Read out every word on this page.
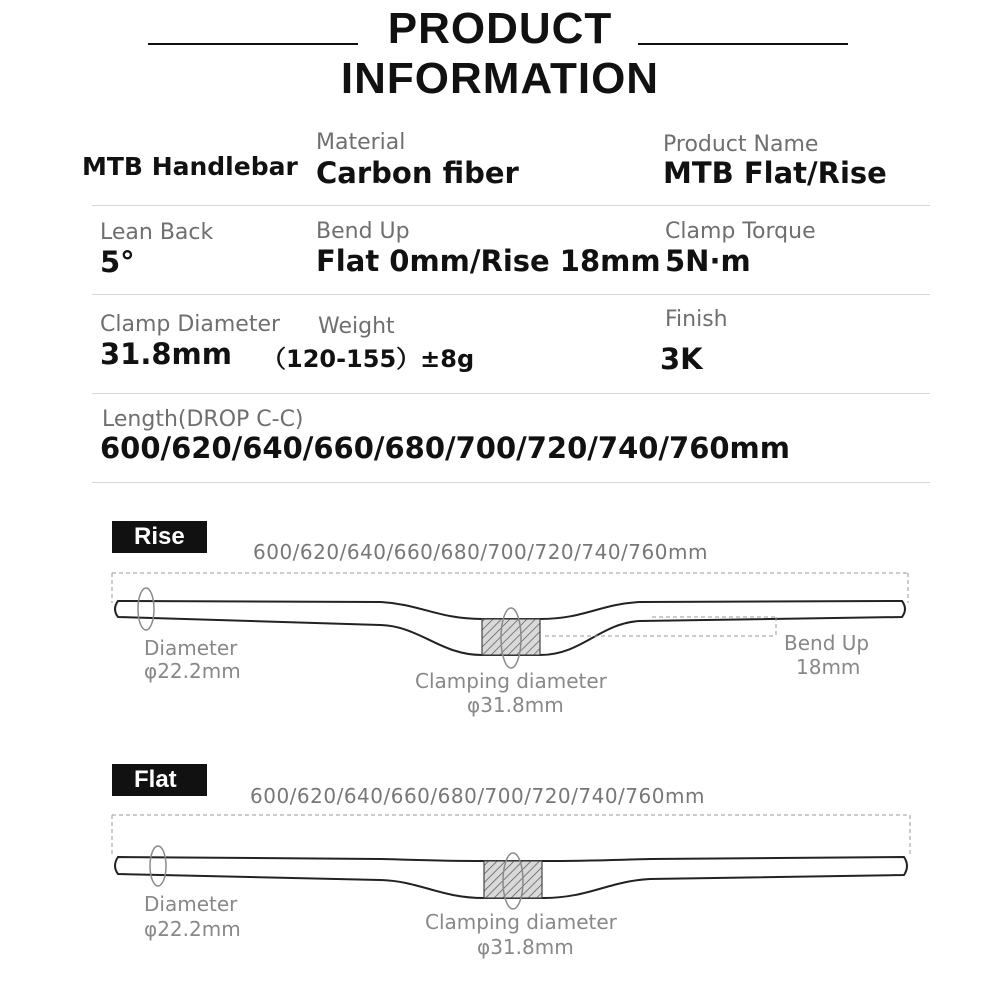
PRODUCT
INFORMATION
MTB Handlebar
Material
Carbon fiber
Product Name
MTB Flat/Rise
Lean Back
5°
Bend Up
Flat 0mm/Rise 18mm
Clamp Torque
5N·m
Clamp Diameter
31.8mm
Weight
（120-155）±8g
Finish
3K
Length(DROP C-C)
600/620/640/660/680/700/720/740/760mm
Rise
600/620/640/660/680/700/720/740/760mm
Diameter
φ22.2mm	Clamping diameter
φ31.8mm
Bend Up
18mm
Flat
600/620/640/660/680/700/720/740/760mm
Diameter
φ22.2mm	Clamping diameter
φ31.8mm
